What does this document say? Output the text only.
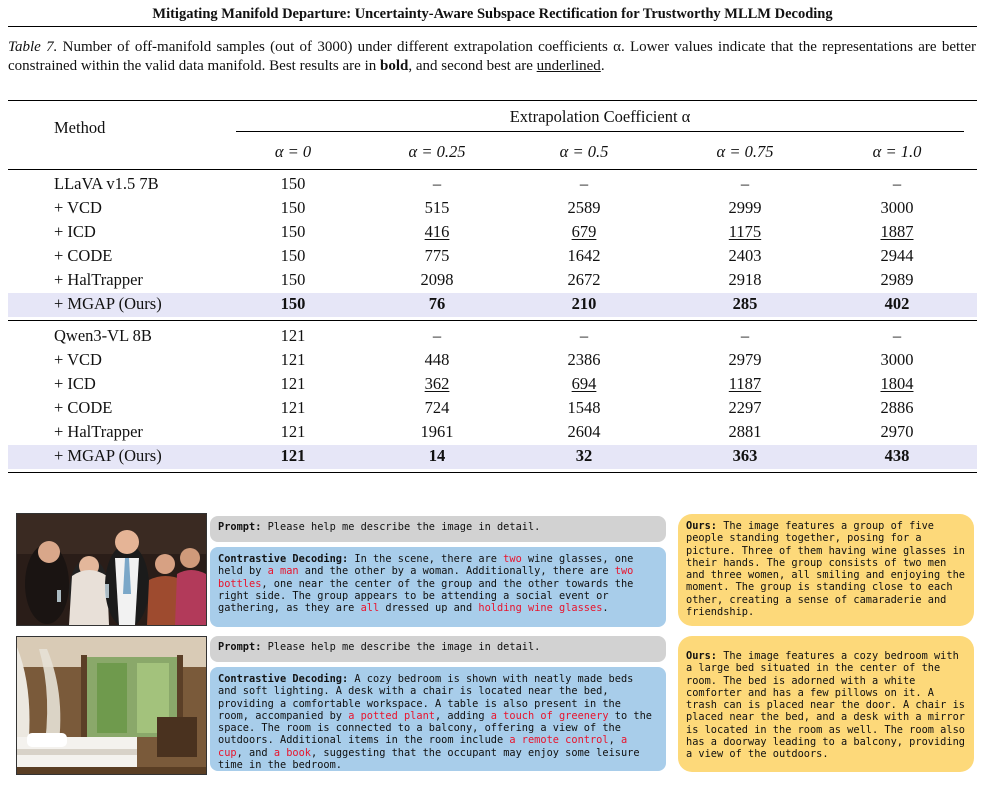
Mitigating Manifold Departure: Uncertainty-Aware Subspace Rectification for Trustworthy MLLM Decoding
Table 7. Number of off-manifold samples (out of 3000) under different extrapolation coefficients α. Lower values indicate that the representations are better constrained within the valid data manifold. Best results are in bold, and second best are underlined.
Method
Extrapolation Coefficient α
α = 0	α = 0.25	α = 0.5	α = 0.75	α = 1.0
LLaVA v1.5 7B	150	–	–	–	–
+ VCD	150	515	2589	2999	3000
+ ICD	150	416	679	1175	1887
+ CODE	150	775	1642	2403	2944
+ HalTrapper	150	2098	2672	2918	2989
+ MGAP (Ours)	150	76	210	285	402
Qwen3-VL 8B	121	–	–	–	–
+ VCD	121	448	2386	2979	3000
+ ICD	121	362	694	1187	1804
+ CODE	121	724	1548	2297	2886
+ HalTrapper	121	1961	2604	2881	2970
+ MGAP (Ours)	121	14	32	363	438
Prompt: Please help me describe the image in detail.
Contrastive Decoding: In the scene, there are two wine glasses, one held by a man and the other by a woman. Additionally, there are two bottles, one near the center of the group and the other towards the right side. The group appears to be attending a social event or gathering, as they are all dressed up and holding wine glasses.
Ours: The image features a group of five people standing together, posing for a picture. Three of them having wine glasses in their hands. The group consists of two men and three women, all smiling and enjoying the moment. The group is standing close to each other, creating a sense of camaraderie and friendship.
Prompt: Please help me describe the image in detail.
Contrastive Decoding: A cozy bedroom is shown with neatly made beds and soft lighting. A desk with a chair is located near the bed, providing a comfortable workspace. A table is also present in the room, accompanied by a potted plant, adding a touch of greenery to the space. The room is connected to a balcony, offering a view of the outdoors. Additional items in the room include a remote control, a cup, and a book, suggesting that the occupant may enjoy some leisure time in the bedroom.
Ours: The image features a cozy bedroom with a large bed situated in the center of the room. The bed is adorned with a white comforter and has a few pillows on it. A trash can is placed near the door. A chair is placed near the bed, and a desk with a mirror is located in the room as well. The room also has a doorway leading to a balcony, providing a view of the outdoors.
